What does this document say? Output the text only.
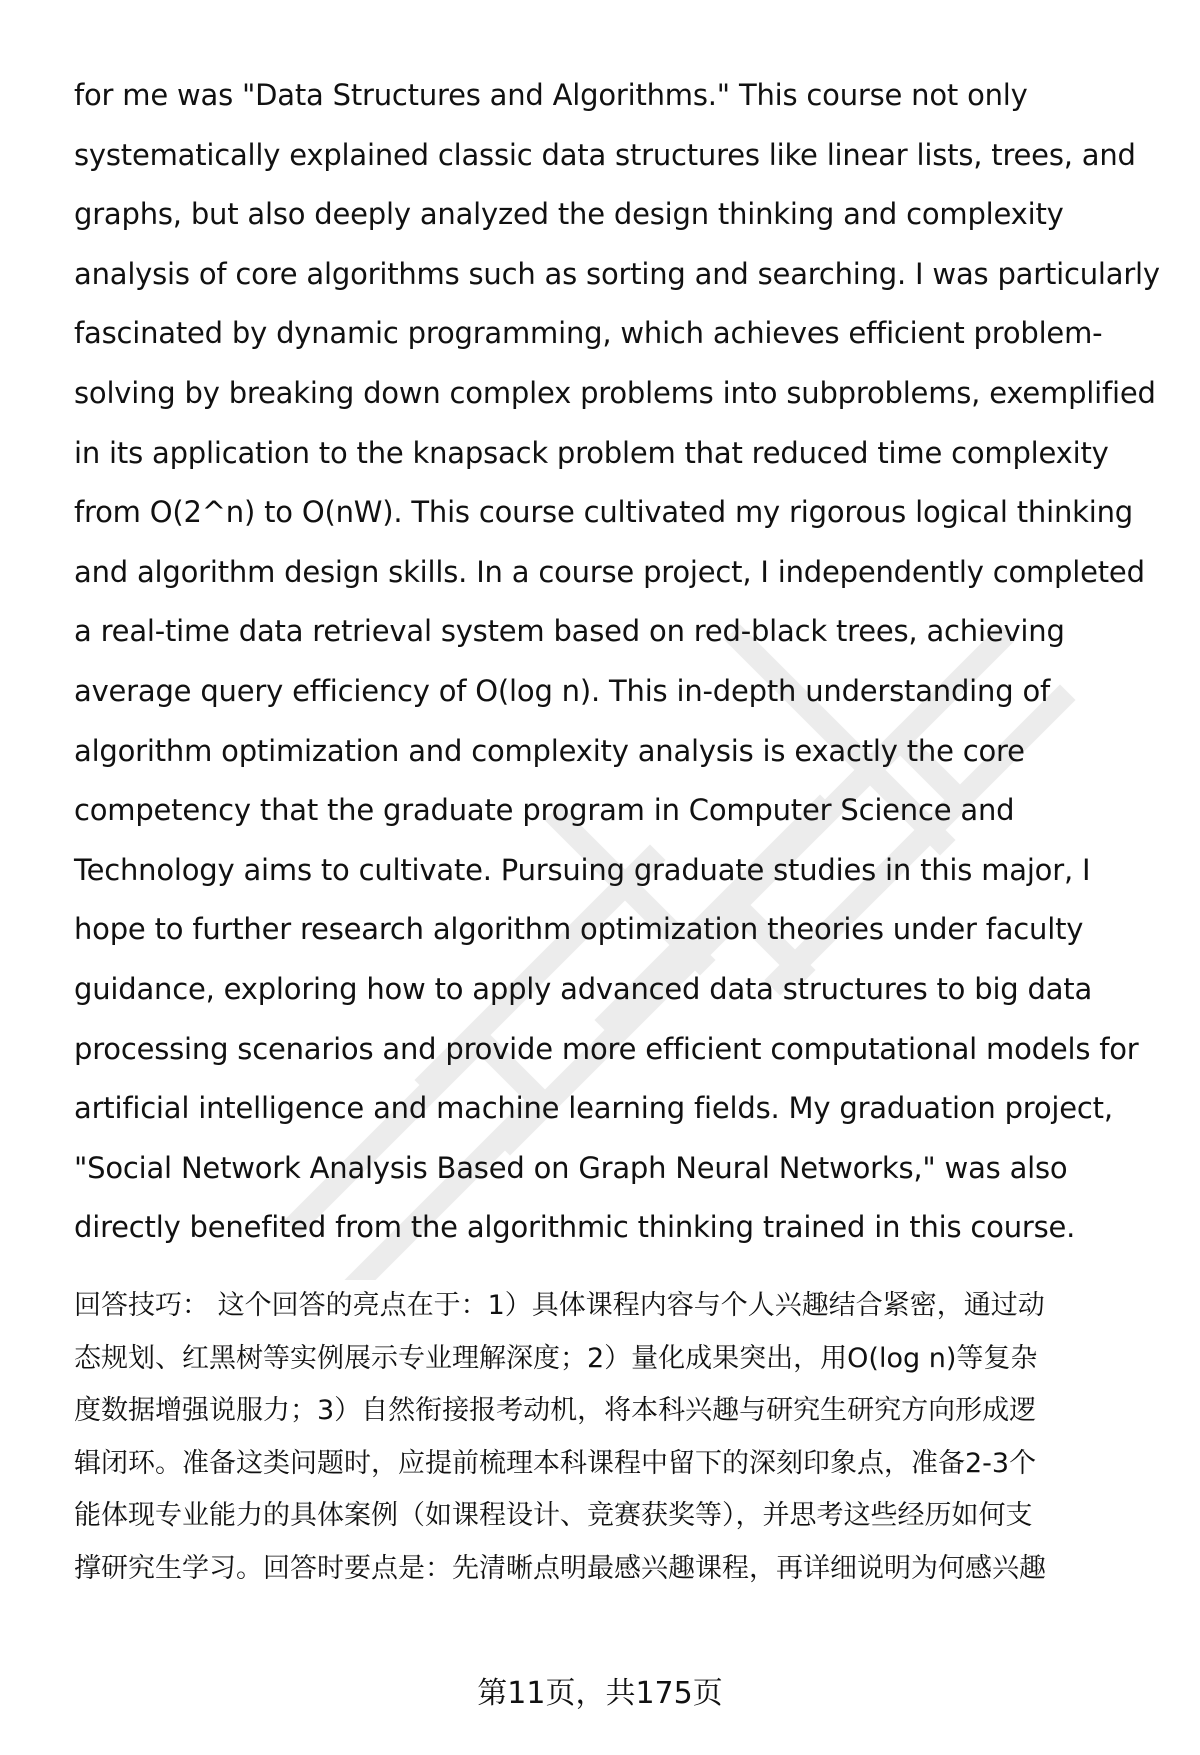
for me was "Data Structures and Algorithms." This course not only
systematically explained classic data structures like linear lists, trees, and
graphs, but also deeply analyzed the design thinking and complexity
analysis of core algorithms such as sorting and searching. I was particularly
fascinated by dynamic programming, which achieves efficient problem-
solving by breaking down complex problems into subproblems, exemplified
in its application to the knapsack problem that reduced time complexity
from O(2^n) to O(nW). This course cultivated my rigorous logical thinking
and algorithm design skills. In a course project, I independently completed
a real-time data retrieval system based on red-black trees, achieving
average query efficiency of O(log n). This in-depth understanding of
algorithm optimization and complexity analysis is exactly the core
competency that the graduate program in Computer Science and
Technology aims to cultivate. Pursuing graduate studies in this major, I
hope to further research algorithm optimization theories under faculty
guidance, exploring how to apply advanced data structures to big data
processing scenarios and provide more efficient computational models for
artificial intelligence and machine learning fields. My graduation project,
"Social Network Analysis Based on Graph Neural Networks," was also
directly benefited from the algorithmic thinking trained in this course.

回答技巧： 这个回答的亮点在于：1）具体课程内容与个人兴趣结合紧密，通过动
态规划、红黑树等实例展示专业理解深度；2）量化成果突出，用O(log n)等复杂
度数据增强说服力；3）自然衔接报考动机，将本科兴趣与研究生研究方向形成逻
辑闭环。准备这类问题时，应提前梳理本科课程中留下的深刻印象点，准备2-3个
能体现专业能力的具体案例（如课程设计、竞赛获奖等），并思考这些经历如何支
撑研究生学习。回答时要点是：先清晰点明最感兴趣课程，再详细说明为何感兴趣

第11页，共175页
